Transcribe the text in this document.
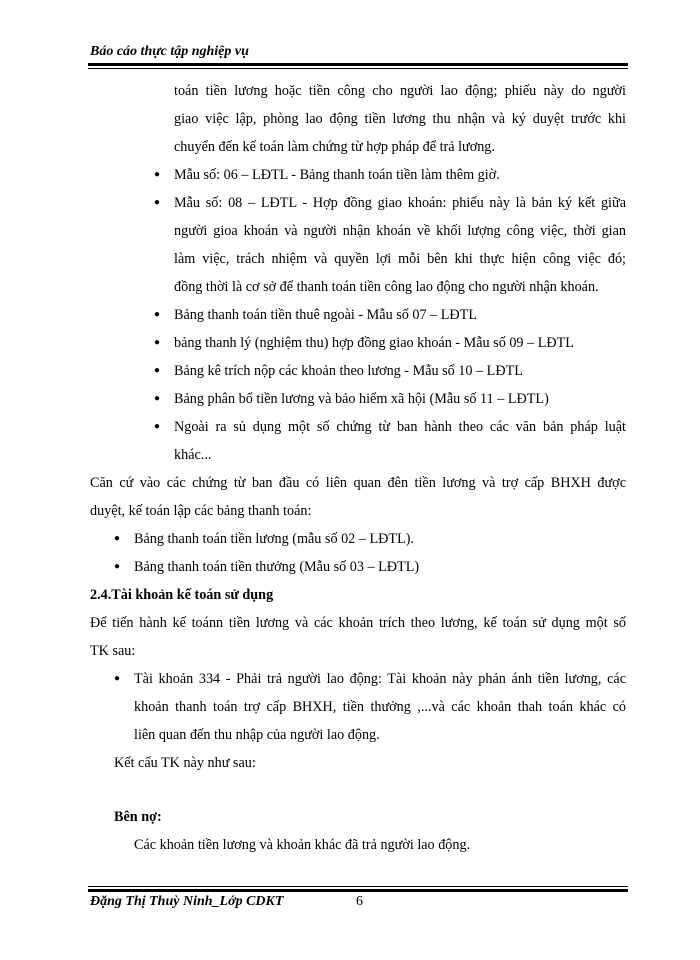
Báo cáo thực tập nghiệp vụ
toán tiền lương hoặc tiền công cho người lao động; phiếu này do người
giao việc lập, phòng lao động tiền lương thu nhận và ký duyệt trước khi
chuyển đến kế toán làm chứng từ hợp pháp để trả lương.
● Mẫu số: 06 – LĐTL - Bảng thanh toán tiền làm thêm giờ.
● Mẫu số: 08 – LĐTL - Hợp đồng giao khoán: phiếu này là bản ký kết giữa
người gioa khoán và người nhận khoán về khối lượng công việc, thời gian
làm việc, trách nhiệm và quyền lợi mỗi bên khi thực hiện công việc đó;
đồng thời là cơ sở để thanh toán tiền công lao động cho người nhận khoán.
● Bảng thanh toán tiền thuê ngoài - Mẫu số 07 – LĐTL
● bảng thanh lý (nghiệm thu) hợp đồng giao khoán - Mẫu số 09 – LĐTL
● Bảng kê trích nộp các khoản theo lương - Mẫu số 10 – LĐTL
● Bảng phân bổ tiền lương và bảo hiểm xã hội (Mẫu số 11 – LĐTL)
● Ngoài ra sủ dụng một số chứng từ ban hành theo các văn bản pháp luật
khác...
Căn cứ vào các chứng từ ban đầu có liên quan đên tiền lương và trợ cấp BHXH được
duyệt, kế toán lập các bảng thanh toán:
● Bảng thanh toán tiền lương (mẫu số 02 – LĐTL).
● Bảng thanh toán tiền thưởng (Mẫu số 03 – LĐTL)
2.4.Tài khoản kế toán sử dụng
Để tiến hành kế toánn tiền lương và các khoản trích theo lương, kế toán sử dụng một số
TK sau:
● Tài khoản 334 - Phải trả người lao động: Tài khoản này phản ánh tiền lương, các
khoản thanh toán trợ cấp BHXH, tiền thưởng ,...và các khoản thah toán khác có
liên quan đến thu nhập của người lao động.
Kết cấu TK này như sau:
Bên nợ:
Các khoản tiền lương và khoản khác đã trả người lao động.
Đặng Thị Thuỳ Ninh_Lớp CDKT	6
